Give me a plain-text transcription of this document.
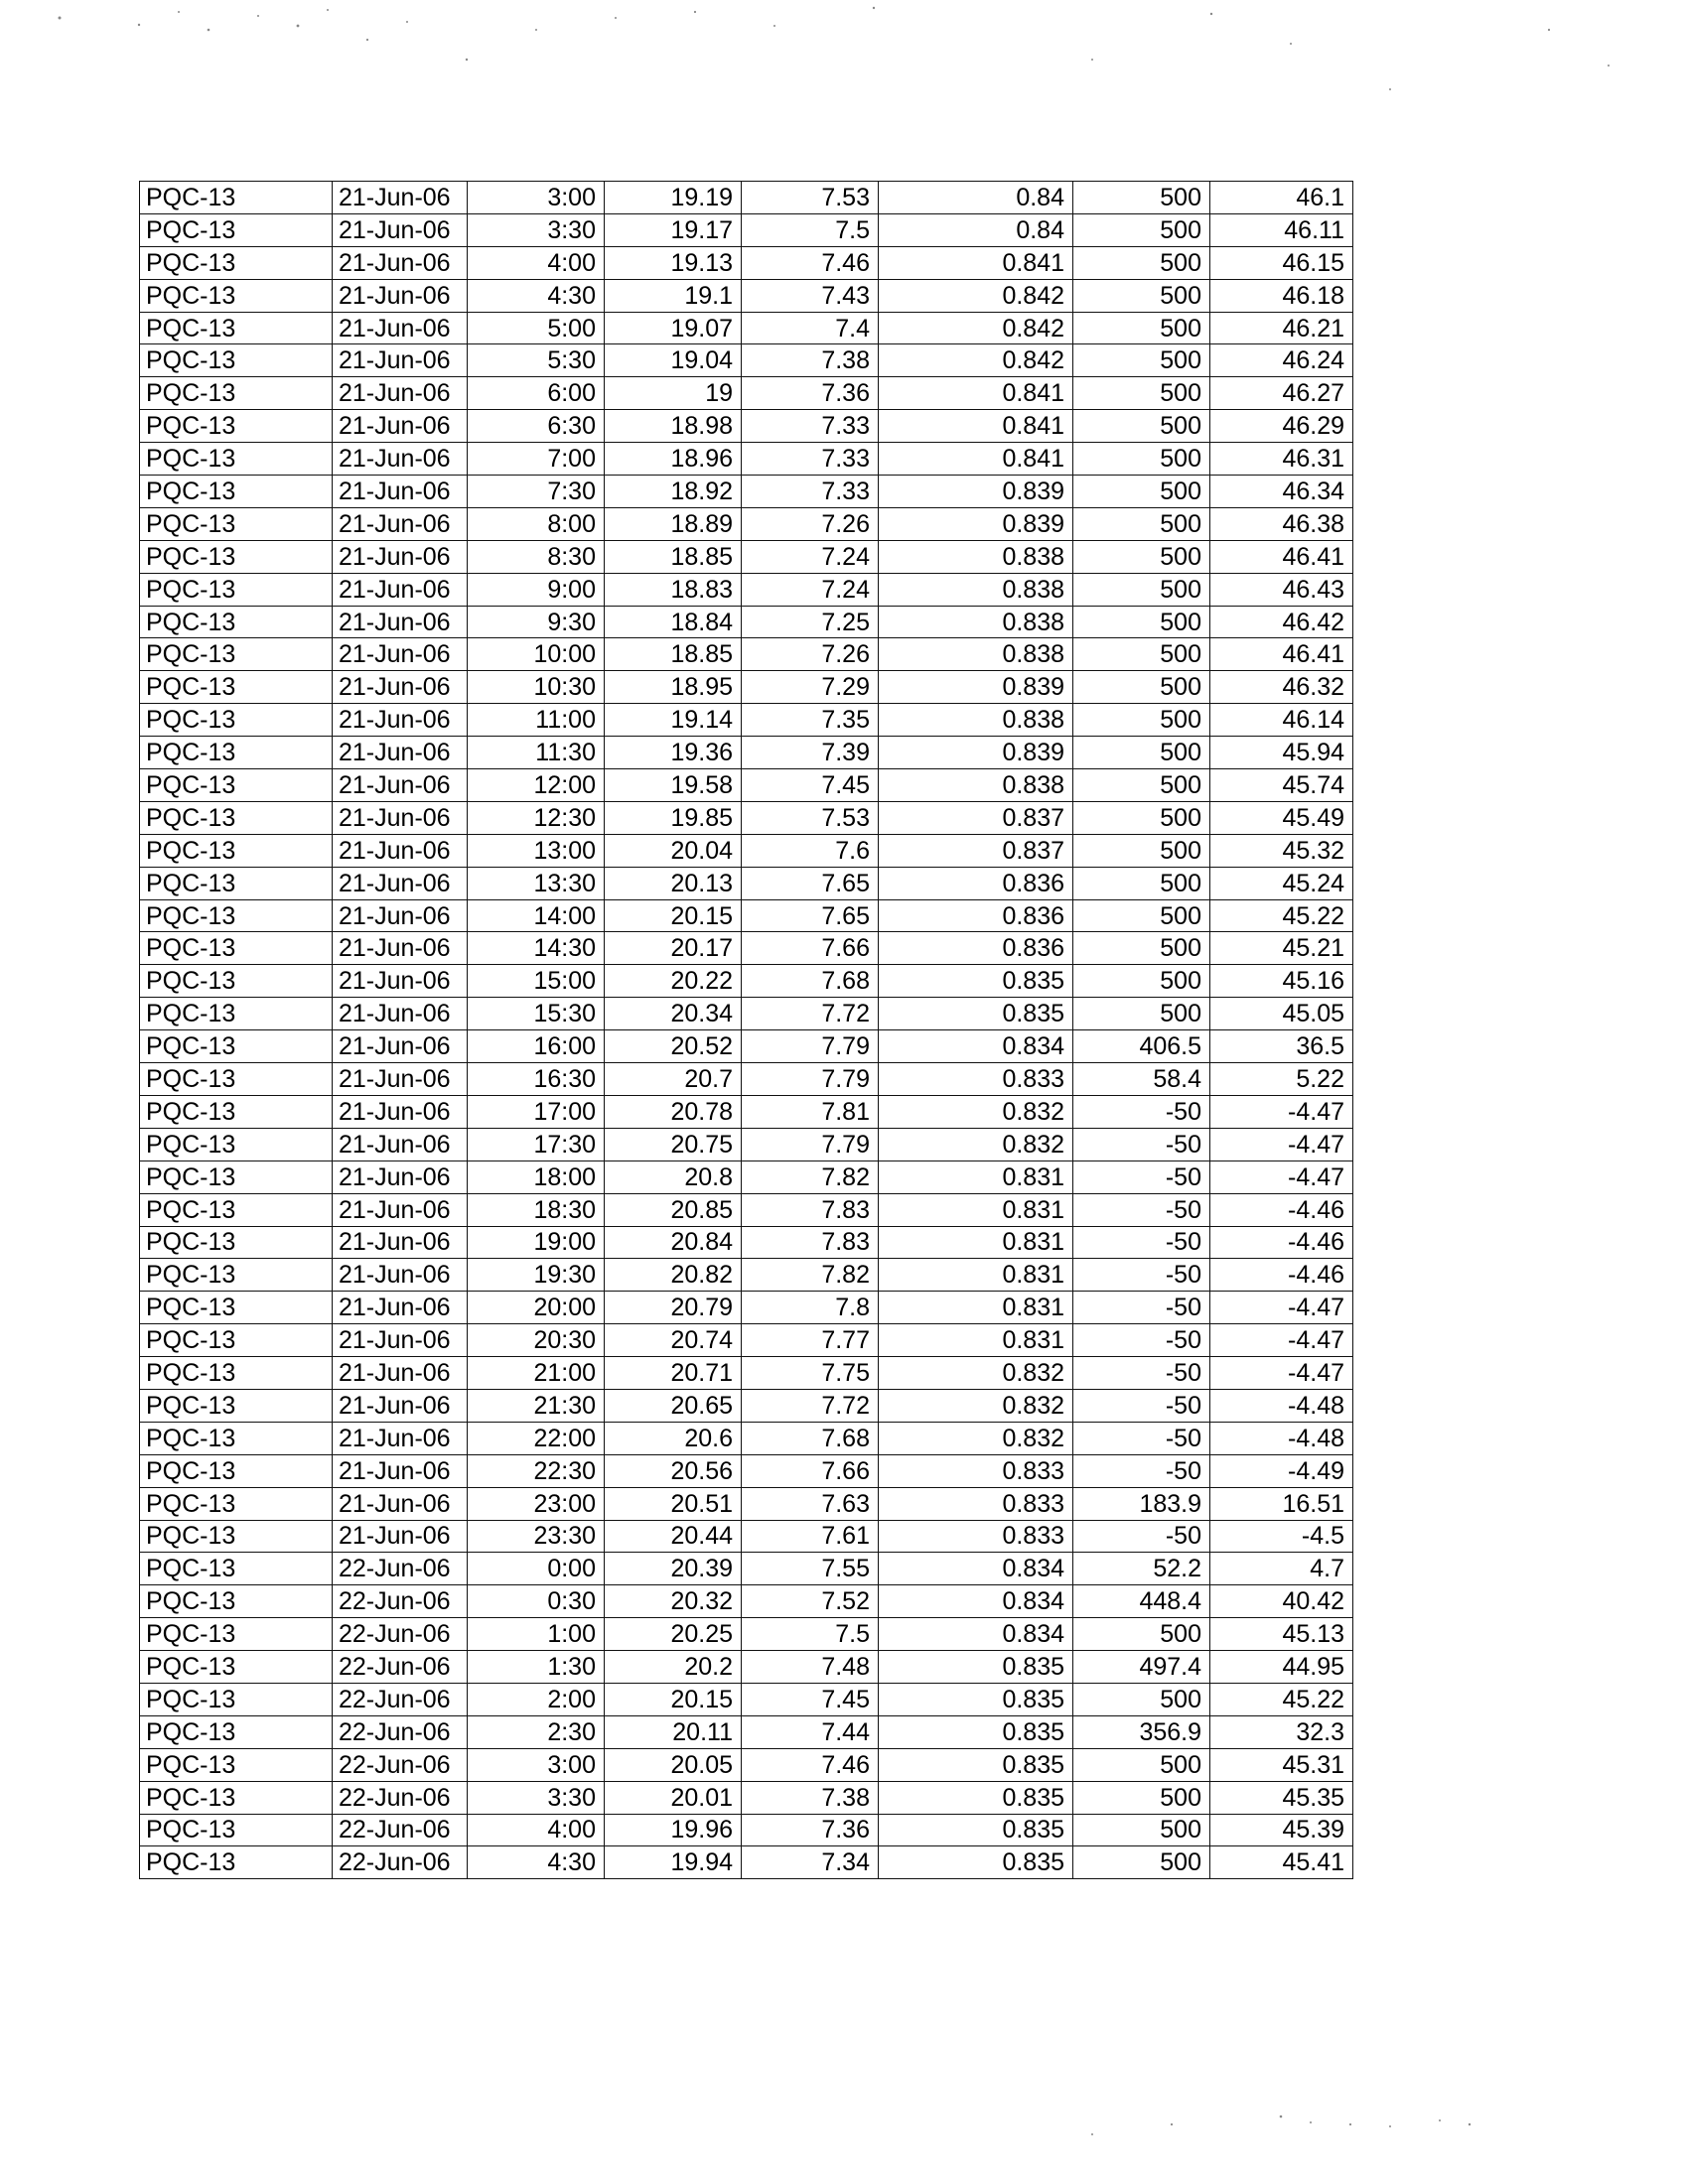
PQC-13	21-Jun-06	3:00	19.19	7.53	0.84	500	46.1
PQC-13	21-Jun-06	3:30	19.17	7.5	0.84	500	46.11
PQC-13	21-Jun-06	4:00	19.13	7.46	0.841	500	46.15
PQC-13	21-Jun-06	4:30	19.1	7.43	0.842	500	46.18
PQC-13	21-Jun-06	5:00	19.07	7.4	0.842	500	46.21
PQC-13	21-Jun-06	5:30	19.04	7.38	0.842	500	46.24
PQC-13	21-Jun-06	6:00	19	7.36	0.841	500	46.27
PQC-13	21-Jun-06	6:30	18.98	7.33	0.841	500	46.29
PQC-13	21-Jun-06	7:00	18.96	7.33	0.841	500	46.31
PQC-13	21-Jun-06	7:30	18.92	7.33	0.839	500	46.34
PQC-13	21-Jun-06	8:00	18.89	7.26	0.839	500	46.38
PQC-13	21-Jun-06	8:30	18.85	7.24	0.838	500	46.41
PQC-13	21-Jun-06	9:00	18.83	7.24	0.838	500	46.43
PQC-13	21-Jun-06	9:30	18.84	7.25	0.838	500	46.42
PQC-13	21-Jun-06	10:00	18.85	7.26	0.838	500	46.41
PQC-13	21-Jun-06	10:30	18.95	7.29	0.839	500	46.32
PQC-13	21-Jun-06	11:00	19.14	7.35	0.838	500	46.14
PQC-13	21-Jun-06	11:30	19.36	7.39	0.839	500	45.94
PQC-13	21-Jun-06	12:00	19.58	7.45	0.838	500	45.74
PQC-13	21-Jun-06	12:30	19.85	7.53	0.837	500	45.49
PQC-13	21-Jun-06	13:00	20.04	7.6	0.837	500	45.32
PQC-13	21-Jun-06	13:30	20.13	7.65	0.836	500	45.24
PQC-13	21-Jun-06	14:00	20.15	7.65	0.836	500	45.22
PQC-13	21-Jun-06	14:30	20.17	7.66	0.836	500	45.21
PQC-13	21-Jun-06	15:00	20.22	7.68	0.835	500	45.16
PQC-13	21-Jun-06	15:30	20.34	7.72	0.835	500	45.05
PQC-13	21-Jun-06	16:00	20.52	7.79	0.834	406.5	36.5
PQC-13	21-Jun-06	16:30	20.7	7.79	0.833	58.4	5.22
PQC-13	21-Jun-06	17:00	20.78	7.81	0.832	-50	-4.47
PQC-13	21-Jun-06	17:30	20.75	7.79	0.832	-50	-4.47
PQC-13	21-Jun-06	18:00	20.8	7.82	0.831	-50	-4.47
PQC-13	21-Jun-06	18:30	20.85	7.83	0.831	-50	-4.46
PQC-13	21-Jun-06	19:00	20.84	7.83	0.831	-50	-4.46
PQC-13	21-Jun-06	19:30	20.82	7.82	0.831	-50	-4.46
PQC-13	21-Jun-06	20:00	20.79	7.8	0.831	-50	-4.47
PQC-13	21-Jun-06	20:30	20.74	7.77	0.831	-50	-4.47
PQC-13	21-Jun-06	21:00	20.71	7.75	0.832	-50	-4.47
PQC-13	21-Jun-06	21:30	20.65	7.72	0.832	-50	-4.48
PQC-13	21-Jun-06	22:00	20.6	7.68	0.832	-50	-4.48
PQC-13	21-Jun-06	22:30	20.56	7.66	0.833	-50	-4.49
PQC-13	21-Jun-06	23:00	20.51	7.63	0.833	183.9	16.51
PQC-13	21-Jun-06	23:30	20.44	7.61	0.833	-50	-4.5
PQC-13	22-Jun-06	0:00	20.39	7.55	0.834	52.2	4.7
PQC-13	22-Jun-06	0:30	20.32	7.52	0.834	448.4	40.42
PQC-13	22-Jun-06	1:00	20.25	7.5	0.834	500	45.13
PQC-13	22-Jun-06	1:30	20.2	7.48	0.835	497.4	44.95
PQC-13	22-Jun-06	2:00	20.15	7.45	0.835	500	45.22
PQC-13	22-Jun-06	2:30	20.11	7.44	0.835	356.9	32.3
PQC-13	22-Jun-06	3:00	20.05	7.46	0.835	500	45.31
PQC-13	22-Jun-06	3:30	20.01	7.38	0.835	500	45.35
PQC-13	22-Jun-06	4:00	19.96	7.36	0.835	500	45.39
PQC-13	22-Jun-06	4:30	19.94	7.34	0.835	500	45.41
